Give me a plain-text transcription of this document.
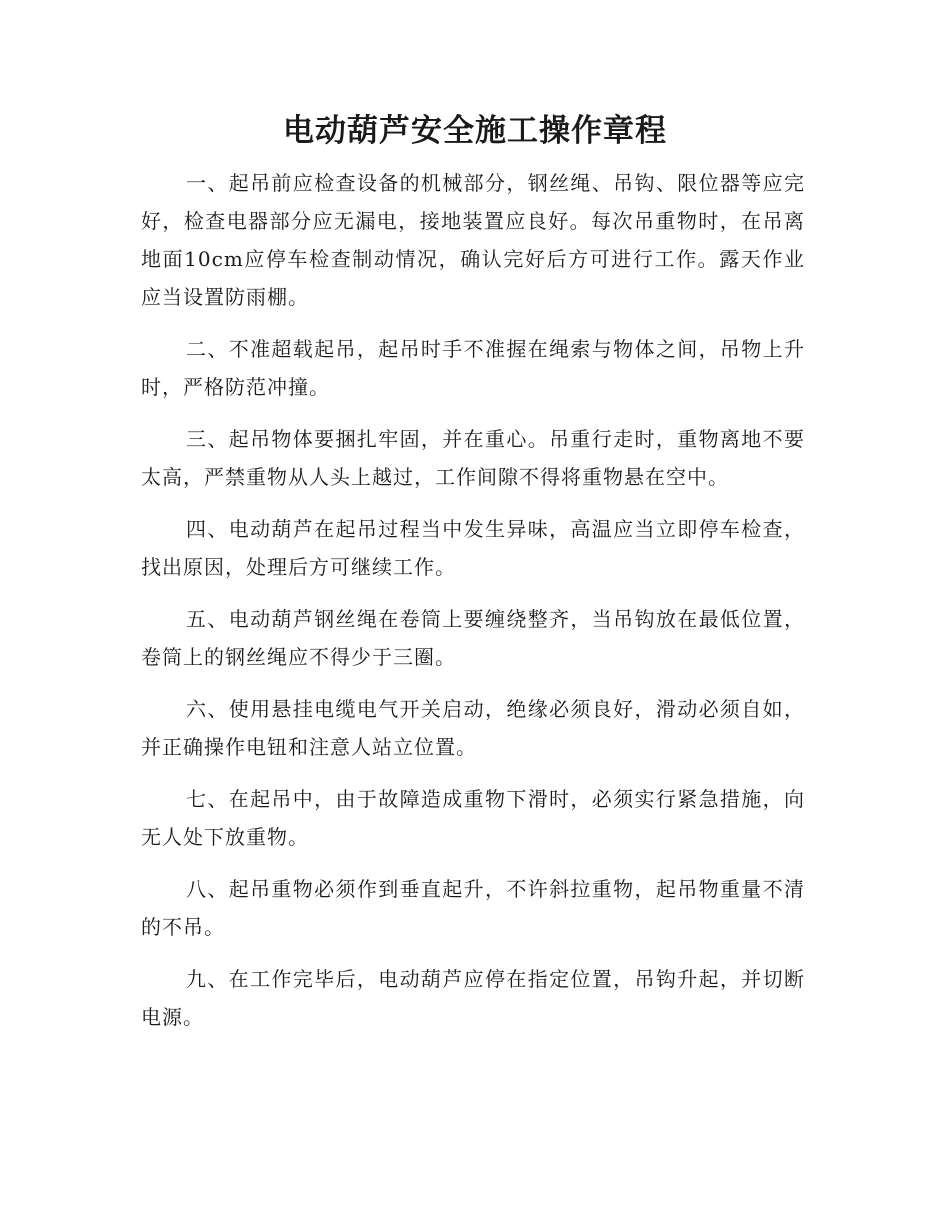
电动葫芦安全施工操作章程

一、起吊前应检查设备的机械部分，钢丝绳、吊钩、限位器等应完好，检查电器部分应无漏电，接地装置应良好。每次吊重物时，在吊离地面10cm应停车检查制动情况，确认完好后方可进行工作。露天作业应当设置防雨棚。

二、不准超载起吊，起吊时手不准握在绳索与物体之间，吊物上升时，严格防范冲撞。

三、起吊物体要捆扎牢固，并在重心。吊重行走时，重物离地不要太高，严禁重物从人头上越过，工作间隙不得将重物悬在空中。

四、电动葫芦在起吊过程当中发生异味，高温应当立即停车检查，找出原因，处理后方可继续工作。

五、电动葫芦钢丝绳在卷筒上要缠绕整齐，当吊钩放在最低位置，卷筒上的钢丝绳应不得少于三圈。

六、使用悬挂电缆电气开关启动，绝缘必须良好，滑动必须自如，并正确操作电钮和注意人站立位置。

七、在起吊中，由于故障造成重物下滑时，必须实行紧急措施，向无人处下放重物。

八、起吊重物必须作到垂直起升，不许斜拉重物，起吊物重量不清的不吊。

九、在工作完毕后，电动葫芦应停在指定位置，吊钩升起，并切断电源。
